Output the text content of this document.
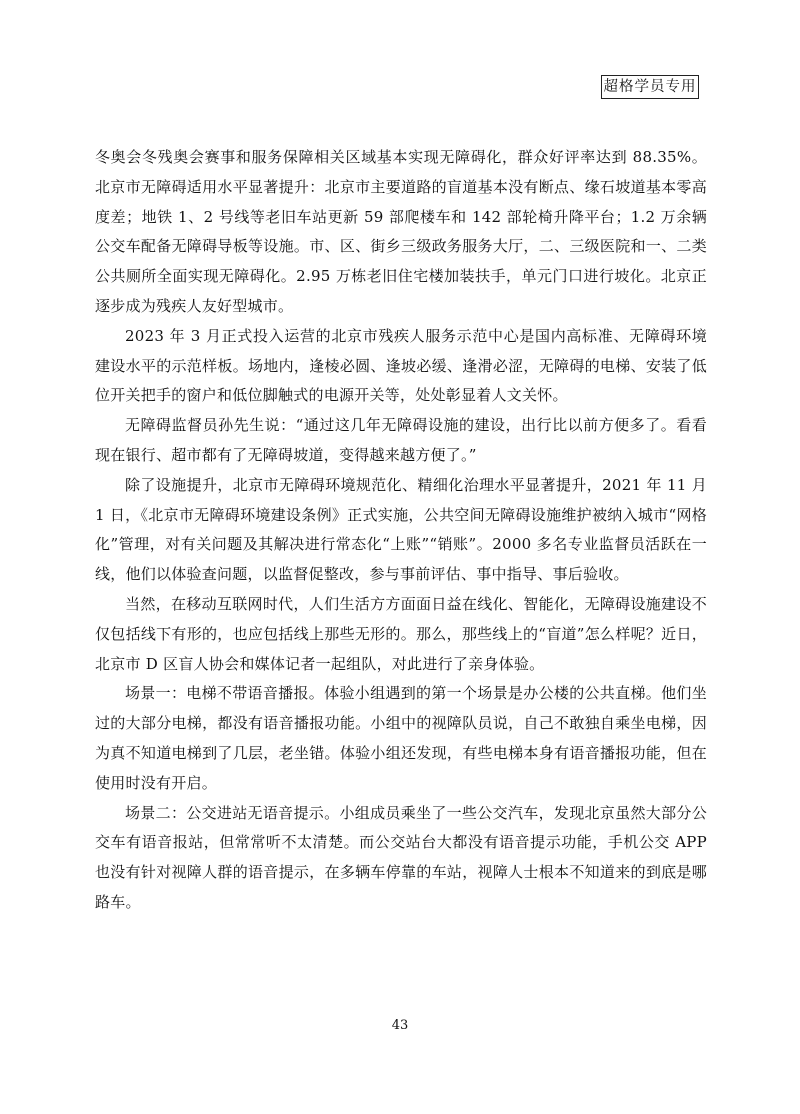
超格学员专用

冬奥会冬残奥会赛事和服务保障相关区域基本实现无障碍化，群众好评率达到 88.35%。北京市无障碍适用水平显著提升：北京市主要道路的盲道基本没有断点、缘石坡道基本零高度差；地铁 1、2 号线等老旧车站更新 59 部爬楼车和 142 部轮椅升降平台；1.2 万余辆公交车配备无障碍导板等设施。市、区、街乡三级政务服务大厅，二、三级医院和一、二类公共厕所全面实现无障碍化。2.95 万栋老旧住宅楼加装扶手，单元门口进行坡化。北京正逐步成为残疾人友好型城市。

2023 年 3 月正式投入运营的北京市残疾人服务示范中心是国内高标准、无障碍环境建设水平的示范样板。场地内，逢棱必圆、逢坡必缓、逢滑必涩，无障碍的电梯、安装了低位开关把手的窗户和低位脚触式的电源开关等，处处彰显着人文关怀。

无障碍监督员孙先生说：“通过这几年无障碍设施的建设，出行比以前方便多了。看看现在银行、超市都有了无障碍坡道，变得越来越方便了。”

除了设施提升，北京市无障碍环境规范化、精细化治理水平显著提升，2021 年 11 月 1 日，《北京市无障碍环境建设条例》正式实施，公共空间无障碍设施维护被纳入城市“网格化”管理，对有关问题及其解决进行常态化“上账”“销账”。2000 多名专业监督员活跃在一线，他们以体验查问题，以监督促整改，参与事前评估、事中指导、事后验收。

当然，在移动互联网时代，人们生活方方面面日益在线化、智能化，无障碍设施建设不仅包括线下有形的，也应包括线上那些无形的。那么，那些线上的“盲道”怎么样呢？近日，北京市 D 区盲人协会和媒体记者一起组队，对此进行了亲身体验。

场景一：电梯不带语音播报。体验小组遇到的第一个场景是办公楼的公共直梯。他们坐过的大部分电梯，都没有语音播报功能。小组中的视障队员说，自己不敢独自乘坐电梯，因为真不知道电梯到了几层，老坐错。体验小组还发现，有些电梯本身有语音播报功能，但在使用时没有开启。

场景二：公交进站无语音提示。小组成员乘坐了一些公交汽车，发现北京虽然大部分公交车有语音报站，但常常听不太清楚。而公交站台大都没有语音提示功能，手机公交 APP 也没有针对视障人群的语音提示，在多辆车停靠的车站，视障人士根本不知道来的到底是哪路车。

43
